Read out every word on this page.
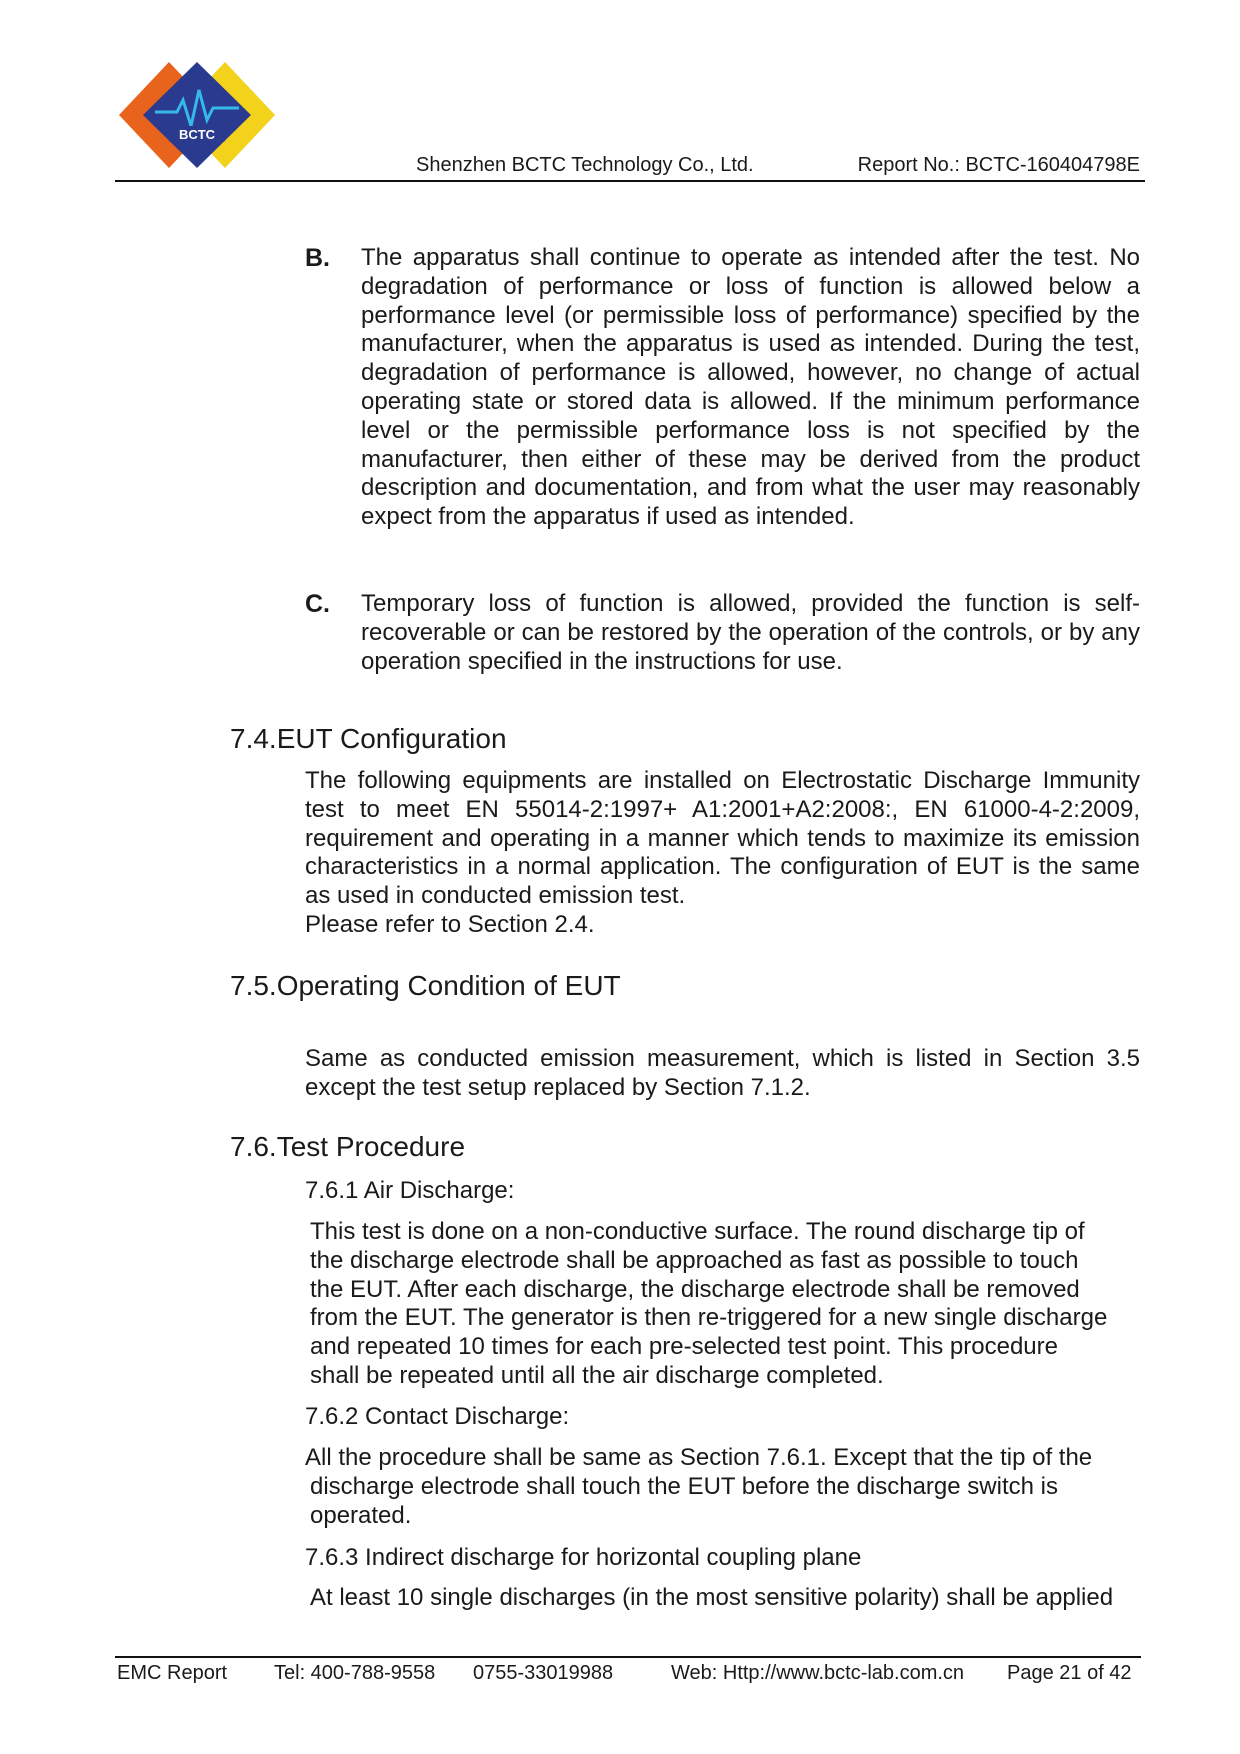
BCTC
Shenzhen BCTC Technology Co., Ltd.	Report No.: BCTC-160404798E
B. The apparatus shall continue to operate as intended after the test. No degradation of performance or loss of function is allowed below a performance level (or permissible loss of performance) specified by the manufacturer, when the apparatus is used as intended. During the test, degradation of performance is allowed, however, no change of actual operating state or stored data is allowed. If the minimum performance level or the permissible performance loss is not specified by the manufacturer, then either of these may be derived from the product description and documentation, and from what the user may reasonably expect from the apparatus if used as intended.
C. Temporary loss of function is allowed, provided the function is self-recoverable or can be restored by the operation of the controls, or by any operation specified in the instructions for use.
7.4.EUT Configuration
The following equipments are installed on Electrostatic Discharge Immunity test to meet EN 55014-2:1997+ A1:2001+A2:2008:, EN 61000-4-2:2009, requirement and operating in a manner which tends to maximize its emission characteristics in a normal application. The configuration of EUT is the same as used in conducted emission test.
Please refer to Section 2.4.
7.5.Operating Condition of EUT
Same as conducted emission measurement, which is listed in Section 3.5 except the test setup replaced by Section 7.1.2.
7.6.Test Procedure
7.6.1 Air Discharge:
This test is done on a non-conductive surface. The round discharge tip of
the discharge electrode shall be approached as fast as possible to touch
the EUT. After each discharge, the discharge electrode shall be removed
from the EUT. The generator is then re-triggered for a new single discharge
and repeated 10 times for each pre-selected test point. This procedure
shall be repeated until all the air discharge completed.
7.6.2 Contact Discharge:
All the procedure shall be same as Section 7.6.1. Except that the tip of the
discharge electrode shall touch the EUT before the discharge switch is
operated.
7.6.3 Indirect discharge for horizontal coupling plane
At least 10 single discharges (in the most sensitive polarity) shall be applied
EMC Report Tel: 400-788-9558 0755-33019988	Web: Http://www.bctc-lab.com.cn Page 21 of 42
